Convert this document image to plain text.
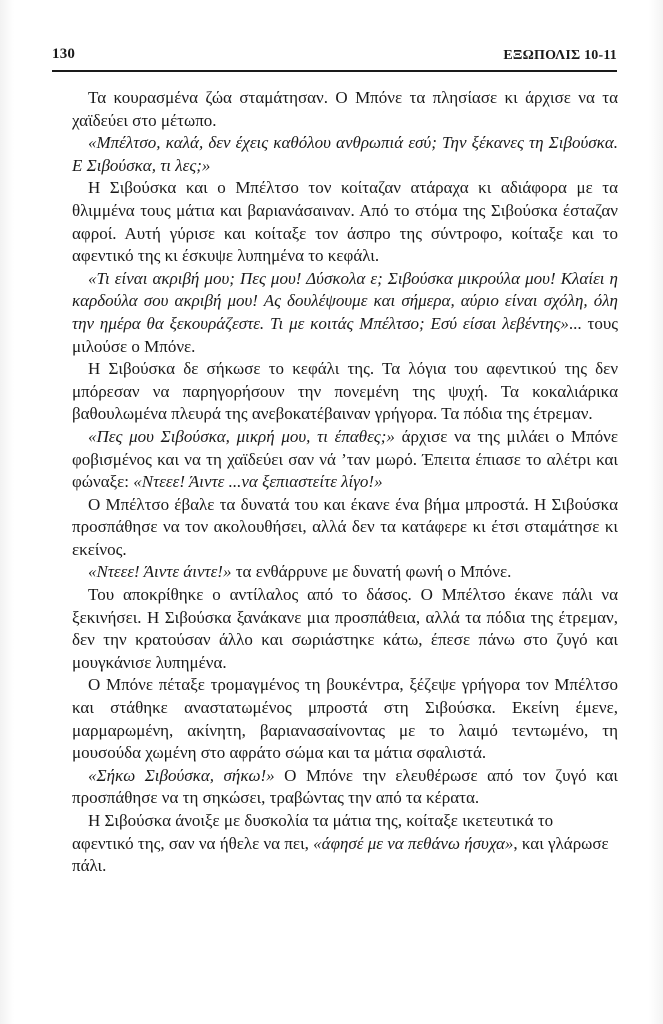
130	ΕΞΩΠΟΛΙΣ 10-11

Τα κουρασμένα ζώα σταμάτησαν. Ο Μπόνε τα πλησίασε κι άρχισε να τα χαϊδεύει στο μέτωπο.

«Μπέλτσο, καλά, δεν έχεις καθόλου ανθρωπιά εσύ; Την ξέκανες τη Σιβούσκα. Ε Σιβούσκα, τι λες;»

Η Σιβούσκα και ο Μπέλτσο τον κοίταζαν ατάραχα κι αδιάφορα με τα θλιμμένα τους μάτια και βαριανάσαιναν. Από το στόμα της Σιβούσκα έσταζαν αφροί. Αυτή γύρισε και κοίταξε τον άσπρο της σύντροφο, κοίταξε και το αφεντικό της κι έσκυψε λυπημένα το κεφάλι.

«Τι είναι ακριβή μου; Πες μου! Δύσκολα ε; Σιβούσκα μικρούλα μου! Κλαίει η καρδούλα σου ακριβή μου! Ας δουλέψουμε και σήμερα, αύριο είναι σχόλη, όλη την ημέρα θα ξεκουράζεστε. Τι με κοιτάς Μπέλτσο; Εσύ είσαι λεβέντης»... τους μιλούσε ο Μπόνε.

Η Σιβούσκα δε σήκωσε το κεφάλι της. Τα λόγια του αφεντικού της δεν μπόρεσαν να παρηγορήσουν την πονεμένη της ψυχή. Τα κοκαλιάρικα βαθουλωμένα πλευρά της ανεβοκατέβαιναν γρήγορα. Τα πόδια της έτρεμαν.

«Πες μου Σιβούσκα, μικρή μου, τι έπαθες;» άρχισε να της μιλάει ο Μπόνε φοβισμένος και να τη χαϊδεύει σαν νά ’ταν μωρό. Έπειτα έπιασε το αλέτρι και φώναξε: «Ντεεε! Άιντε ...να ξεπιαστείτε λίγο!»

Ο Μπέλτσο έβαλε τα δυνατά του και έκανε ένα βήμα μπροστά. Η Σιβούσκα προσπάθησε να τον ακολουθήσει, αλλά δεν τα κατάφερε κι έτσι σταμάτησε κι εκείνος.

«Ντεεε! Άιντε άιντε!» τα ενθάρρυνε με δυνατή φωνή ο Μπόνε.

Του αποκρίθηκε ο αντίλαλος από το δάσος. Ο Μπέλτσο έκανε πάλι να ξεκινήσει. Η Σιβούσκα ξανάκανε μια προσπάθεια, αλλά τα πόδια της έτρεμαν, δεν την κρατούσαν άλλο και σωριάστηκε κάτω, έπεσε πάνω στο ζυγό και μουγκάνισε λυπημένα.

Ο Μπόνε πέταξε τρομαγμένος τη βουκέντρα, ξέζεψε γρήγορα τον Μπέλτσο και στάθηκε αναστατωμένος μπροστά στη Σιβούσκα. Εκείνη έμενε, μαρμαρωμένη, ακίνητη, βαριανασαίνοντας με το λαιμό τεντωμένο, τη μουσούδα χωμένη στο αφράτο σώμα και τα μάτια σφαλιστά.

«Σήκω Σιβούσκα, σήκω!» Ο Μπόνε την ελευθέρωσε από τον ζυγό και προσπάθησε να τη σηκώσει, τραβώντας την από τα κέρατα.

Η Σιβούσκα άνοιξε με δυσκολία τα μάτια της, κοίταξε ικετευτικά το αφεντικό της, σαν να ήθελε να πει, «άφησέ με να πεθάνω ήσυχα», και γλάρωσε πάλι.
